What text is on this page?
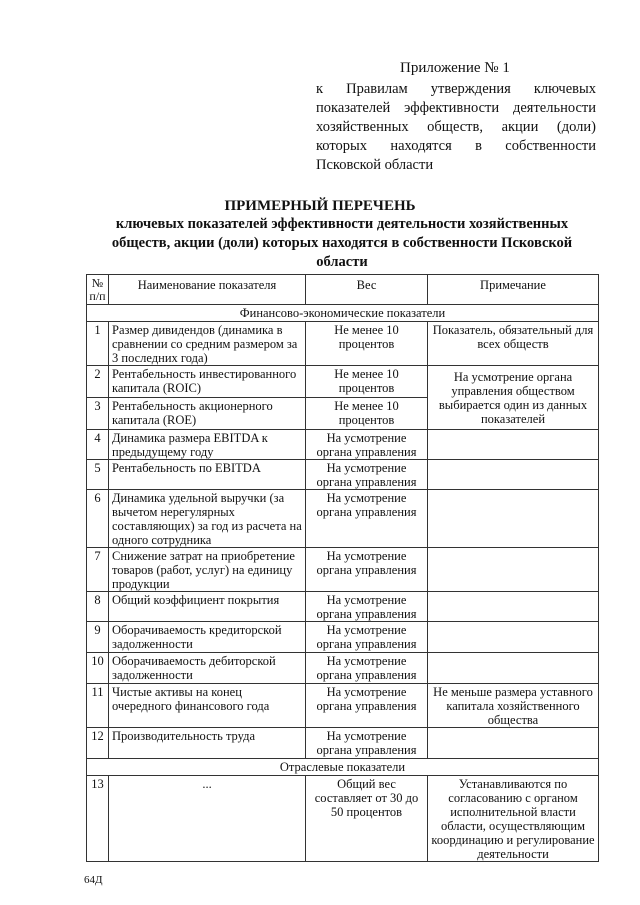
Приложение № 1
к Правилам утверждения ключевых показателей эффективности деятельности хозяйственных обществ, акции (доли) которых находятся в собственности Псковской области
ПРИМЕРНЫЙ ПЕРЕЧЕНЬ
ключевых показателей эффективности деятельности хозяйственных обществ, акции (доли) которых находятся в собственности Псковской области
№ п/п	Наименование показателя	Вес	Примечание
Финансово-экономические показатели			
1	Размер дивидендов (динамика в сравнении со средним размером за 3 последних года)	Не менее 10 процентов	Показатель, обязательный для всех обществ
2	Рентабельность инвестированного капитала (ROIC)	Не менее 10 процентов	На усмотрение органа управления обществом выбирается один из данных показателей
3	Рентабельность акционерного капитала (ROE)	Не менее 10 процентов	
4	Динамика размера EBITDA к предыдущему году	На усмотрение органа управления	
5	Рентабельность по EBITDA	На усмотрение органа управления	
6	Динамика удельной выручки (за вычетом нерегулярных составляющих) за год из расчета на одного сотрудника	На усмотрение органа управления	
7	Снижение затрат на приобретение товаров (работ, услуг) на единицу продукции	На усмотрение органа управления	
8	Общий коэффициент покрытия	На усмотрение органа управления	
9	Оборачиваемость кредиторской задолженности	На усмотрение органа управления	
10	Оборачиваемость дебиторской задолженности	На усмотрение органа управления	
11	Чистые активы на конец очередного финансового года	На усмотрение органа управления	Не меньше размера уставного капитала хозяйственного общества
12	Производительность труда	На усмотрение органа управления	
Отраслевые показатели			
13	...	Общий вес составляет от 30 до 50 процентов	Устанавливаются по согласованию с органом исполнительной власти области, осуществляющим координацию и регулирование деятельности
64Д
